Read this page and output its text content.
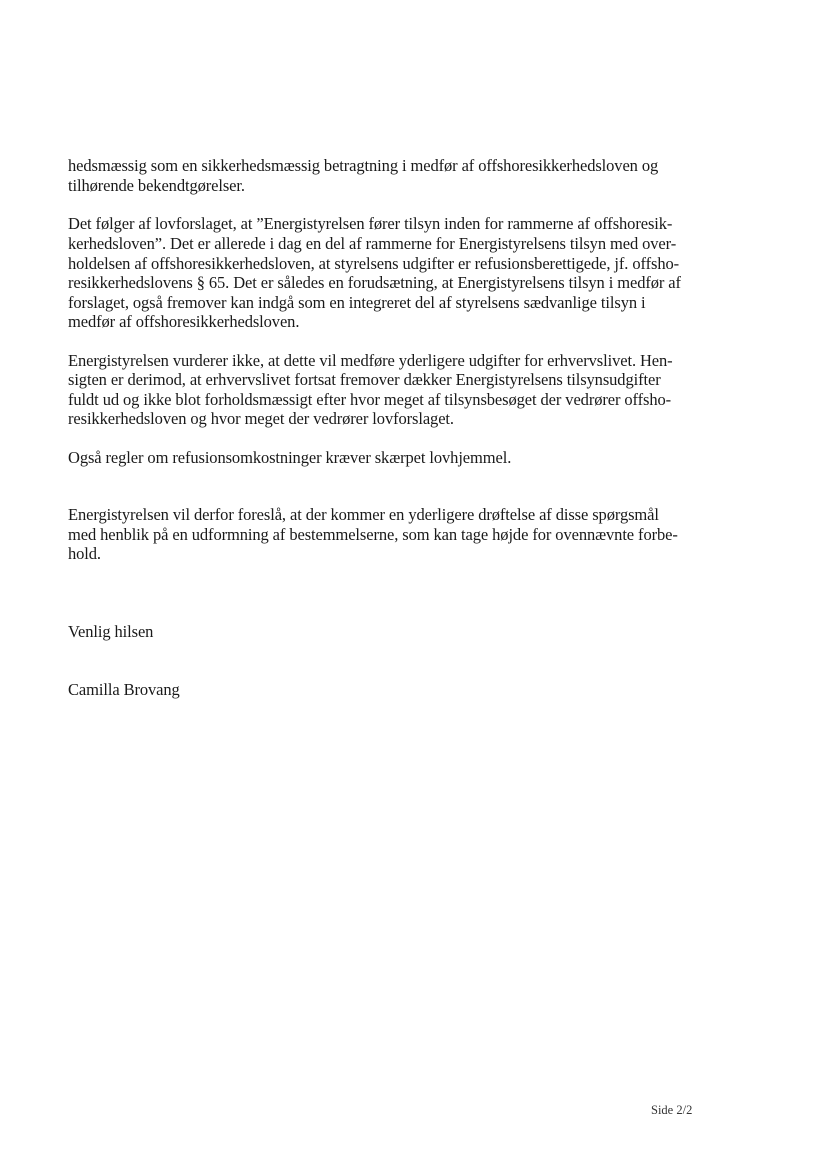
hedsmæssig som en sikkerhedsmæssig betragtning i medfør af offshoresikkerhedsloven og
tilhørende bekendtgørelser.
Det følger af lovforslaget, at ”Energistyrelsen fører tilsyn inden for rammerne af offshoresik-
kerhedsloven”. Det er allerede i dag en del af rammerne for Energistyrelsens tilsyn med over-
holdelsen af offshoresikkerhedsloven, at styrelsens udgifter er refusionsberettigede, jf. offsho-
resikkerhedslovens § 65. Det er således en forudsætning, at Energistyrelsens tilsyn i medfør af
forslaget, også fremover kan indgå som en integreret del af styrelsens sædvanlige tilsyn i
medfør af offshoresikkerhedsloven.
Energistyrelsen vurderer ikke, at dette vil medføre yderligere udgifter for erhvervslivet. Hen-
sigten er derimod, at erhvervslivet fortsat fremover dækker Energistyrelsens tilsynsudgifter
fuldt ud og ikke blot forholdsmæssigt efter hvor meget af tilsynsbesøget der vedrører offsho-
resikkerhedsloven og hvor meget der vedrører lovforslaget.
Også regler om refusionsomkostninger kræver skærpet lovhjemmel.
Energistyrelsen vil derfor foreslå, at der kommer en yderligere drøftelse af disse spørgsmål
med henblik på en udformning af bestemmelserne, som kan tage højde for ovennævnte forbe-
hold.
Venlig hilsen
Camilla Brovang
Side 2/2
